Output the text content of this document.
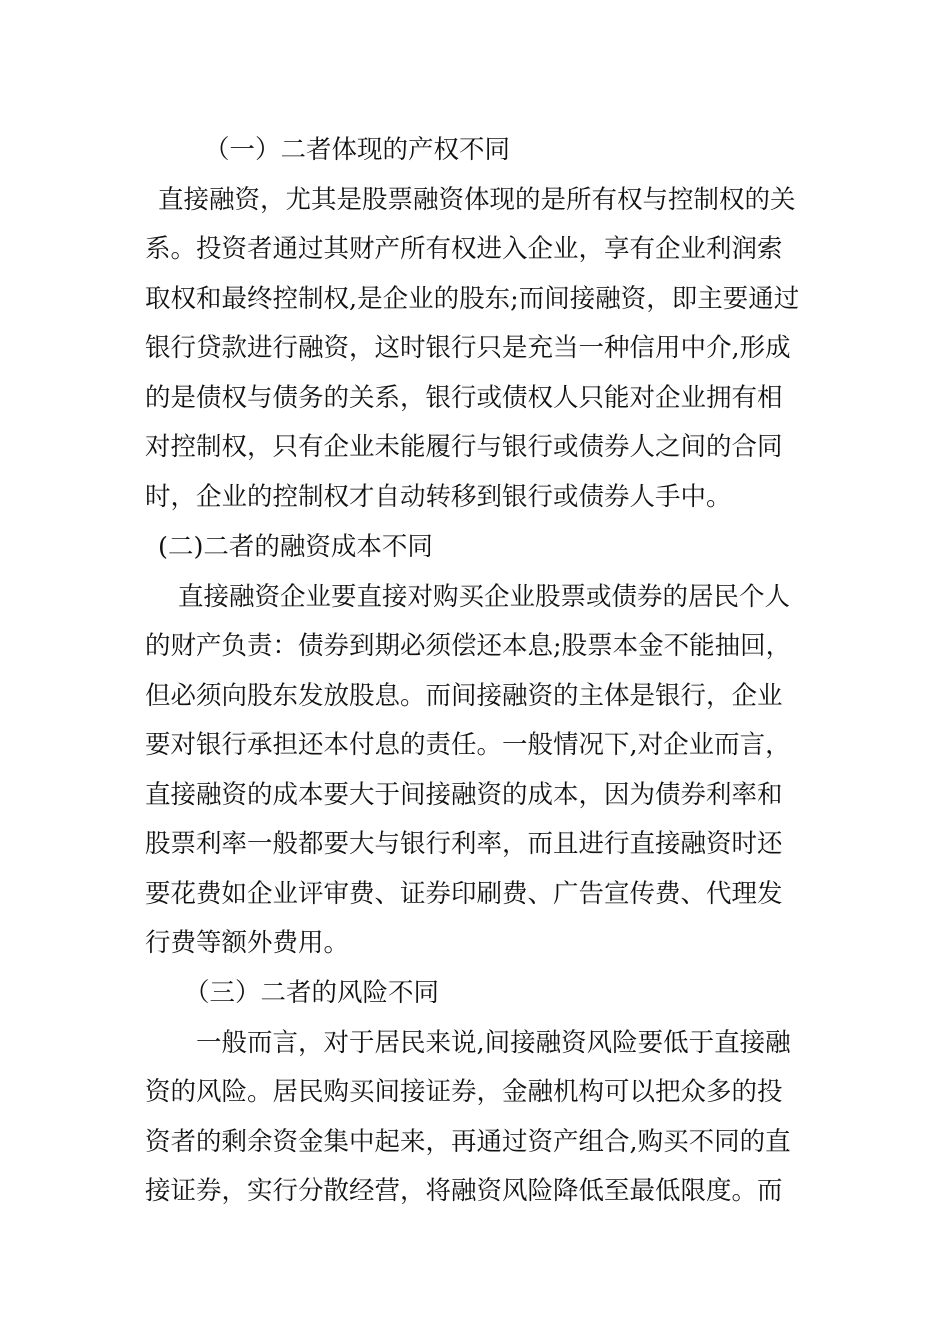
（一）二者体现的产权不同
直接融资，尤其是股票融资体现的是所有权与控制权的关
系。投资者通过其财产所有权进入企业，享有企业利润索
取权和最终控制权,是企业的股东;而间接融资，即主要通过
银行贷款进行融资，这时银行只是充当一种信用中介,形成
的是债权与债务的关系，银行或债权人只能对企业拥有相
对控制权，只有企业未能履行与银行或债券人之间的合同
时，企业的控制权才自动转移到银行或债券人手中。
(二)二者的融资成本不同
直接融资企业要直接对购买企业股票或债券的居民个人
的财产负责：债券到期必须偿还本息;股票本金不能抽回，
但必须向股东发放股息。而间接融资的主体是银行，企业
要对银行承担还本付息的责任。一般情况下,对企业而言，
直接融资的成本要大于间接融资的成本，因为债券利率和
股票利率一般都要大与银行利率，而且进行直接融资时还
要花费如企业评审费、证券印刷费、广告宣传费、代理发
行费等额外费用。
（三）二者的风险不同
一般而言，对于居民来说,间接融资风险要低于直接融
资的风险。居民购买间接证券，金融机构可以把众多的投
资者的剩余资金集中起来，再通过资产组合,购买不同的直
接证券，实行分散经营，将融资风险降低至最低限度。而
